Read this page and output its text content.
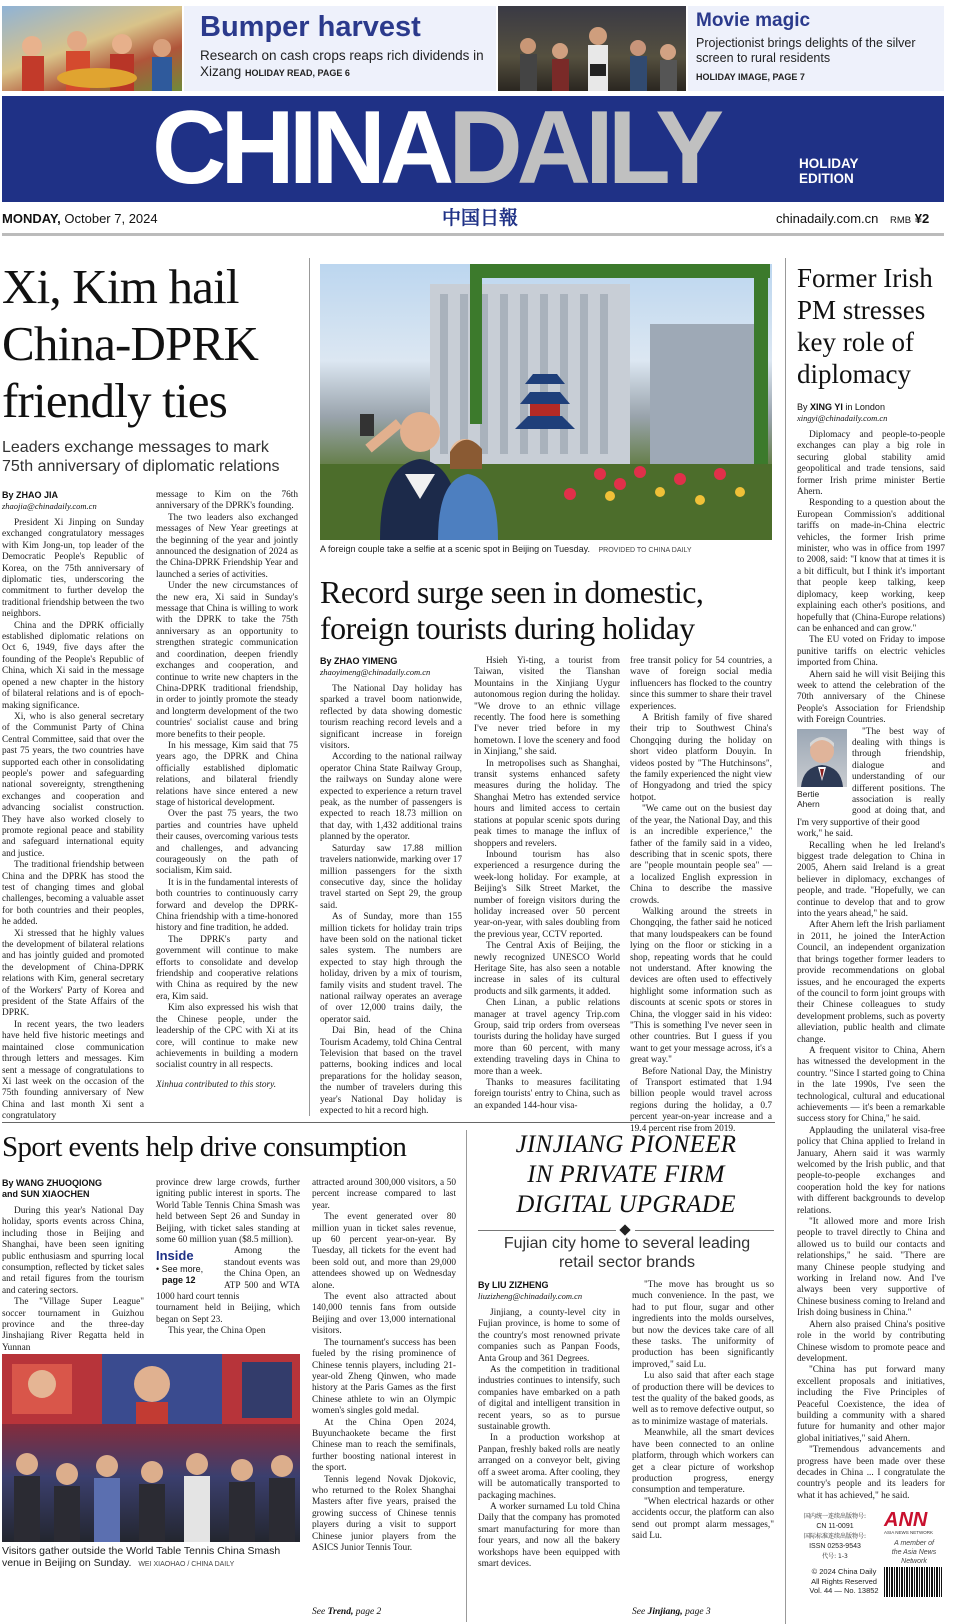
Bumper harvest
Research on cash crops reaps rich dividends in Xizang HOLIDAY READ, PAGE 6
Movie magic
Projectionist brings delights of the silver screen to rural residents
HOLIDAY IMAGE, PAGE 7
CHINADAILY	HOLIDAY
EDITION
MONDAY, October 7, 2024	中国日報	chinadaily.com.cn RMB ¥2
Xi, Kim hail China-DPRK friendly ties
Leaders exchange messages to mark 75th anniversary of diplomatic relations
By ZHAO JIA
zhaojia@chinadaily.com.cn

President Xi Jinping on Sunday exchanged congratulatory messages with Kim Jong-un, top leader of the Democratic People's Republic of Korea, on the 75th anniversary of diplomatic ties, underscoring the commitment to further develop the traditional friendship between the two neighbors.

China and the DPRK officially established diplomatic relations on Oct 6, 1949, five days after the founding of the People's Republic of China, which Xi said in the message opened a new chapter in the history of bilateral relations and is of epoch-making significance.

Xi, who is also general secretary of the Communist Party of China Central Committee, said that over the past 75 years, the two countries have supported each other in consolidating people's power and safeguarding national sovereignty, strengthening exchanges and cooperation and advancing socialist construction. They have also worked closely to promote regional peace and stability and safeguard international equity and justice.

The traditional friendship between China and the DPRK has stood the test of changing times and global challenges, becoming a valuable asset for both countries and their peoples, he added.

Xi stressed that he highly values the development of bilateral relations and has jointly guided and promoted the development of China-DPRK relations with Kim, general secretary of the Workers' Party of Korea and president of the State Affairs of the DPRK.

In recent years, the two leaders have held five historic meetings and maintained close communication through letters and messages. Kim sent a message of congratulations to Xi last week on the occasion of the 75th founding anniversary of New China and last month Xi sent a congratulatory

message to Kim on the 76th anniversary of the DPRK's founding.

The two leaders also exchanged messages of New Year greetings at the beginning of the year and jointly announced the designation of 2024 as the China-DPRK Friendship Year and launched a series of activities.

Under the new circumstances of the new era, Xi said in Sunday's message that China is willing to work with the DPRK to take the 75th anniversary as an opportunity to strengthen strategic communication and coordination, deepen friendly exchanges and cooperation, and continue to write new chapters in the China-DPRK traditional friendship, in order to jointly promote the steady and longterm development of the two countries' socialist cause and bring more benefits to their people.

In his message, Kim said that 75 years ago, the DPRK and China officially established diplomatic relations, and bilateral friendly relations have since entered a new stage of historical development.

Over the past 75 years, the two parties and countries have upheld their causes, overcoming various tests and challenges, and advancing courageously on the path of socialism, Kim said.

It is in the fundamental interests of both countries to continuously carry forward and develop the DPRK-China friendship with a time-honored history and fine tradition, he added.

The DPRK's party and government will continue to make efforts to consolidate and develop friendship and cooperative relations with China as required by the new era, Kim said.

Kim also expressed his wish that the Chinese people, under the leadership of the CPC with Xi at its core, will continue to make new achievements in building a modern socialist country in all respects.

Xinhua contributed to this story.
A foreign couple take a selfie at a scenic spot in Beijing on Tuesday. PROVIDED TO CHINA DAILY
Record surge seen in domestic, foreign tourists during holiday
By ZHAO YIMENG
zhaoyimeng@chinadaily.com.cn

The National Day holiday has sparked a travel boom nationwide, reflected by data showing domestic tourism reaching record levels and a significant increase in foreign visitors.

According to the national railway operator China State Railway Group, the railways on Sunday alone were expected to experience a return travel peak, as the number of passengers is expected to reach 18.73 million on that day, with 1,432 additional trains planned by the operator.

Saturday saw 17.88 million travelers nationwide, marking over 17 million passengers for the sixth consecutive day, since the holiday travel started on Sept 29, the group said.

As of Sunday, more than 155 million tickets for holiday train trips have been sold on the national ticket sales system. The numbers are expected to stay high through the holiday, driven by a mix of tourism, family visits and student travel. The national railway operates an average of over 12,000 trains daily, the operator said.

Dai Bin, head of the China Tourism Academy, told China Central Television that based on the travel patterns, booking indices and local preparations for the holiday season, the number of travelers during this year's National Day holiday is expected to hit a record high.

Hsieh Yi-ting, a tourist from Taiwan, visited the Tianshan Mountains in the Xinjiang Uygur autonomous region during the holiday. "We drove to an ethnic village recently. The food here is something I've never tried before in my hometown. I love the scenery and food in Xinjiang," she said.

In metropolises such as Shanghai, transit systems enhanced safety measures during the holiday. The Shanghai Metro has extended service hours and limited access to certain stations at popular scenic spots during peak times to manage the influx of shoppers and revelers.

Inbound tourism has also experienced a resurgence during the week-long holiday. For example, at Beijing's Silk Street Market, the number of foreign visitors during the holiday increased over 50 percent year-on-year, with sales doubling from the previous year, CCTV reported.

The Central Axis of Beijing, the newly recognized UNESCO World Heritage Site, has also seen a notable increase in sales of its cultural products and silk garments, it added.

Chen Linan, a public relations manager at travel agency Trip.com Group, said trip orders from overseas tourists during the holiday have surged more than 60 percent, with many extending traveling days in China to more than a week.

Thanks to measures facilitating foreign tourists' entry to China, such as an expanded 144-hour visa-

free transit policy for 54 countries, a wave of foreign social media influencers has flocked to the country since this summer to share their travel experiences.

A British family of five shared their trip to Southwest China's Chongqing during the holiday on short video platform Douyin. In videos posted by "The Hutchinsons", the family experienced the night view of Hongyadong and tried the spicy hotpot.

"We came out on the busiest day of the year, the National Day, and this is an incredible experience," the father of the family said in a video, describing that in scenic spots, there are "people mountain people sea" — a localized English expression in China to describe the massive crowds.

Walking around the streets in Chongqing, the father said he noticed that many loudspeakers can be found lying on the floor or sticking in a shop, repeating words that he could not understand. After knowing the devices are often used to effectively highlight some information such as discounts at scenic spots or stores in China, the vlogger said in his video: "This is something I've never seen in other countries. But I guess if you want to get your message across, it's a great way."

Before National Day, the Ministry of Transport estimated that 1.94 billion people would travel across regions during the holiday, a 0.7 percent year-on-year increase and a 19.4 percent rise from 2019.

Former Irish PM stresses key role of diplomacy
By XING YI in London
xingyi@chinadaily.com.cn

Diplomacy and people-to-people exchanges can play a big role in securing global stability amid geopolitical and trade tensions, said former Irish prime minister Bertie Ahern.

Responding to a question about the European Commission's additional tariffs on made-in-China electric vehicles, the former Irish prime minister, who was in office from 1997 to 2008, said: "I know that at times it is a bit difficult, but I think it's important that people keep talking, keep diplomacy, keep working, keep explaining each other's positions, and hopefully that (China-Europe relations) can be enhanced and can grow."

The EU voted on Friday to impose punitive tariffs on electric vehicles imported from China.

Ahern said he will visit Beijing this week to attend the celebration of the 70th anniversary of the Chinese People's Association for Friendship with Foreign Countries.

Bertie
Ahern
"The best way of dealing with things is through friendship, dialogue and understanding of our different positions. The association is really good at doing that, and I'm very supportive of their good

work," he said.

Recalling when he led Ireland's biggest trade delegation to China in 2005, Ahern said Ireland is a great believer in diplomacy, exchanges of people, and trade. "Hopefully, we can continue to develop that and to grow into the years ahead," he said.

After Ahern left the Irish parliament in 2011, he joined the InterAction Council, an independent organization that brings together former leaders to provide recommendations on global issues, and he encouraged the experts of the council to form joint groups with their Chinese colleagues to study development problems, such as poverty alleviation, public health and climate change.

A frequent visitor to China, Ahern has witnessed the development in the country. "Since I started going to China in the late 1990s, I've seen the technological, cultural and educational achievements — it's been a remarkable success story for China," he said.

Applauding the unilateral visa-free policy that China applied to Ireland in January, Ahern said it was warmly welcomed by the Irish public, and that people-to-people exchanges and cooperation hold the key for nations with different backgrounds to develop relations.

"It allowed more and more Irish people to travel directly to China and allowed us to build our contacts and relationships," he said. "There are many Chinese people studying and working in Ireland now. And I've always been very supportive of Chinese business coming to Ireland and Irish doing business in China."

Ahern also praised China's positive role in the world by contributing Chinese wisdom to promote peace and development.

"China has put forward many excellent proposals and initiatives, including the Five Principles of Peaceful Coexistence, the idea of building a community with a shared future for humanity and other major global initiatives," said Ahern.

"Tremendous advancements and progress have been made over these decades in China ... I congratulate the country's people and its leaders for what it has achieved," he said.

Sport events help drive consumption
By WANG ZHUOQIONG
and SUN XIAOCHEN

During this year's National Day holiday, sports events across China, including those in Beijing and Shanghai, have been seen igniting public enthusiasm and spurring local consumption, reflected by ticket sales and retail figures from the tourism and catering sectors.

The "Village Super League" soccer tournament in Guizhou province and the three-day Jinshajiang River Regatta held in Yunnan

province drew large crowds, further igniting public interest in sports. The World Table Tennis China Smash was held between Sept 26 and Sunday in Beijing, with ticket sales standing at some 60 million yuan ($8.5 million).
Inside
• See more,
page 12
Among the standout events was the China Open, an ATP 500 and WTA 1000 hard court tennis

tournament held in Beijing, which began on Sept 23.

This year, the China Open

Visitors gather outside the World Table Tennis China Smash venue in Beijing on Sunday. WEI XIAOHAO / CHINA DAILY

attracted around 300,000 visitors, a 50 percent increase compared to last year.

The event generated over 80 million yuan in ticket sales revenue, up 60 percent year-on-year. By Tuesday, all tickets for the event had been sold out, and more than 29,000 attendees showed up on Wednesday alone.

The event also attracted about 140,000 tennis fans from outside Beijing and over 13,000 international visitors.

The tournament's success has been fueled by the rising prominence of Chinese tennis players, including 21-year-old Zheng Qinwen, who made history at the Paris Games as the first Chinese athlete to win an Olympic women's singles gold medal.

At the China Open 2024, Buyunchaokete became the first Chinese man to reach the semifinals, further boosting national interest in the sport.

Tennis legend Novak Djokovic, who returned to the Rolex Shanghai Masters after five years, praised the growing success of Chinese tennis players during a visit to support Chinese junior players from the ASICS Junior Tennis Tour.

See Trend, page 2
JINJIANG PIONEER
IN PRIVATE FIRM
DIGITAL UPGRADE
Fujian city home to several leading retail sector brands
By LIU ZIZHENG
liuzizheng@chinadaily.com.cn

Jinjiang, a county-level city in Fujian province, is home to some of the country's most renowned private companies such as Panpan Foods, Anta Group and 361 Degrees.

As the competition in traditional industries continues to intensify, such companies have embarked on a path of digital and intelligent transition in recent years, so as to pursue sustainable growth.

In a production workshop at Panpan, freshly baked rolls are neatly arranged on a conveyor belt, giving off a sweet aroma. After cooling, they will be automatically transported to packaging machines.

A worker surnamed Lu told China Daily that the company has promoted smart manufacturing for more than four years, and now all the bakery workshops have been equipped with smart devices.

"The move has brought us so much convenience. In the past, we had to put flour, sugar and other ingredients into the molds ourselves, but now the devices take care of all these tasks. The uniformity of production has been significantly improved," said Lu.

Lu also said that after each stage of production there will be devices to test the quality of the baked goods, as well as to remove defective output, so as to minimize wastage of materials.

Meanwhile, all the smart devices have been connected to an online platform, through which workers can get a clear picture of workshop production progress, energy consumption and temperature.

"When electrical hazards or other accidents occur, the platform can also send out prompt alarm messages," said Lu.

See Jinjiang, page 3
国内统一连续出版物号:
CN 11-0091
国际标准连续出版物号:
ISSN 0253-9543
代号: 1-3
ANN
ASIA NEWS NETWORK
A member of
the Asia News
Network
© 2024 China Daily
All Rights Reserved
Vol. 44 — No. 13852
